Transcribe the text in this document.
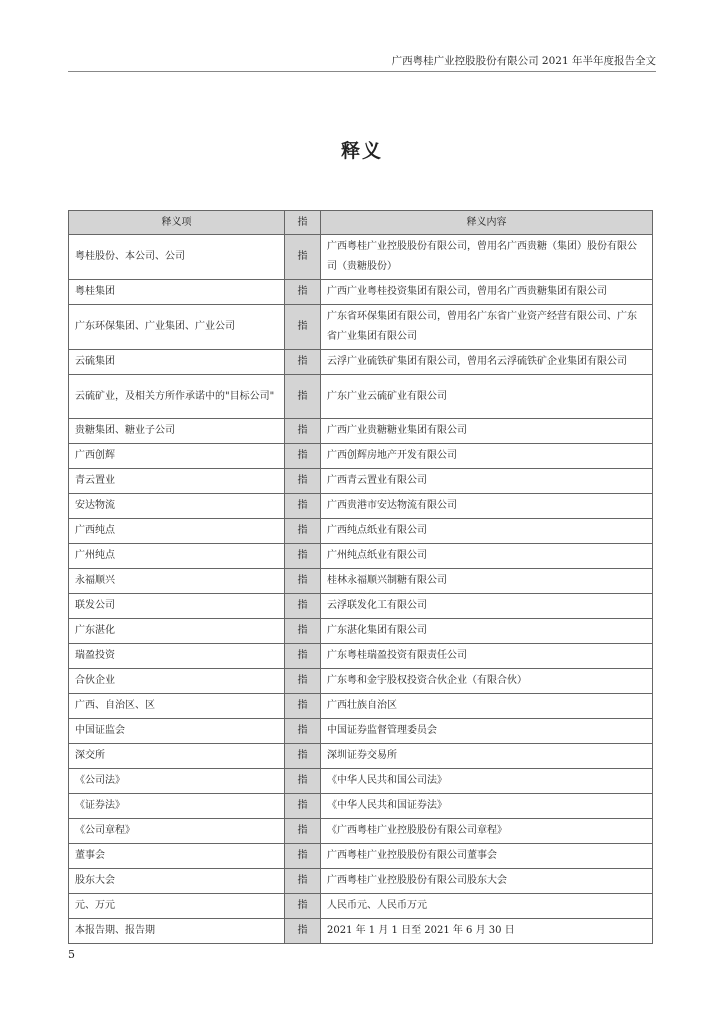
广西粤桂广业控股股份有限公司 2021 年半年度报告全文
释义
释义项	指	释义内容
粤桂股份、本公司、公司	指	广西粤桂广业控股股份有限公司，曾用名广西贵糖（集团）股份有限公司（贵糖股份）
粤桂集团	指	广西广业粤桂投资集团有限公司，曾用名广西贵糖集团有限公司
广东环保集团、广业集团、广业公司	指	广东省环保集团有限公司，曾用名广东省广业资产经营有限公司、广东省广业集团有限公司
云硫集团	指	云浮广业硫铁矿集团有限公司，曾用名云浮硫铁矿企业集团有限公司
云硫矿业，及相关方所作承诺中的"目标公司"	指	广东广业云硫矿业有限公司
贵糖集团、糖业子公司	指	广西广业贵糖糖业集团有限公司
广西创辉	指	广西创辉房地产开发有限公司
青云置业	指	广西青云置业有限公司
安达物流	指	广西贵港市安达物流有限公司
广西纯点	指	广西纯点纸业有限公司
广州纯点	指	广州纯点纸业有限公司
永福顺兴	指	桂林永福顺兴制糖有限公司
联发公司	指	云浮联发化工有限公司
广东湛化	指	广东湛化集团有限公司
瑞盈投资	指	广东粤桂瑞盈投资有限责任公司
合伙企业	指	广东粤和金宇股权投资合伙企业（有限合伙）
广西、自治区、区	指	广西壮族自治区
中国证监会	指	中国证券监督管理委员会
深交所	指	深圳证券交易所
《公司法》	指	《中华人民共和国公司法》
《证券法》	指	《中华人民共和国证券法》
《公司章程》	指	《广西粤桂广业控股股份有限公司章程》
董事会	指	广西粤桂广业控股股份有限公司董事会
股东大会	指	广西粤桂广业控股股份有限公司股东大会
元、万元	指	人民币元、人民币万元
本报告期、报告期	指	2021 年 1 月 1 日至 2021 年 6 月 30 日
5
